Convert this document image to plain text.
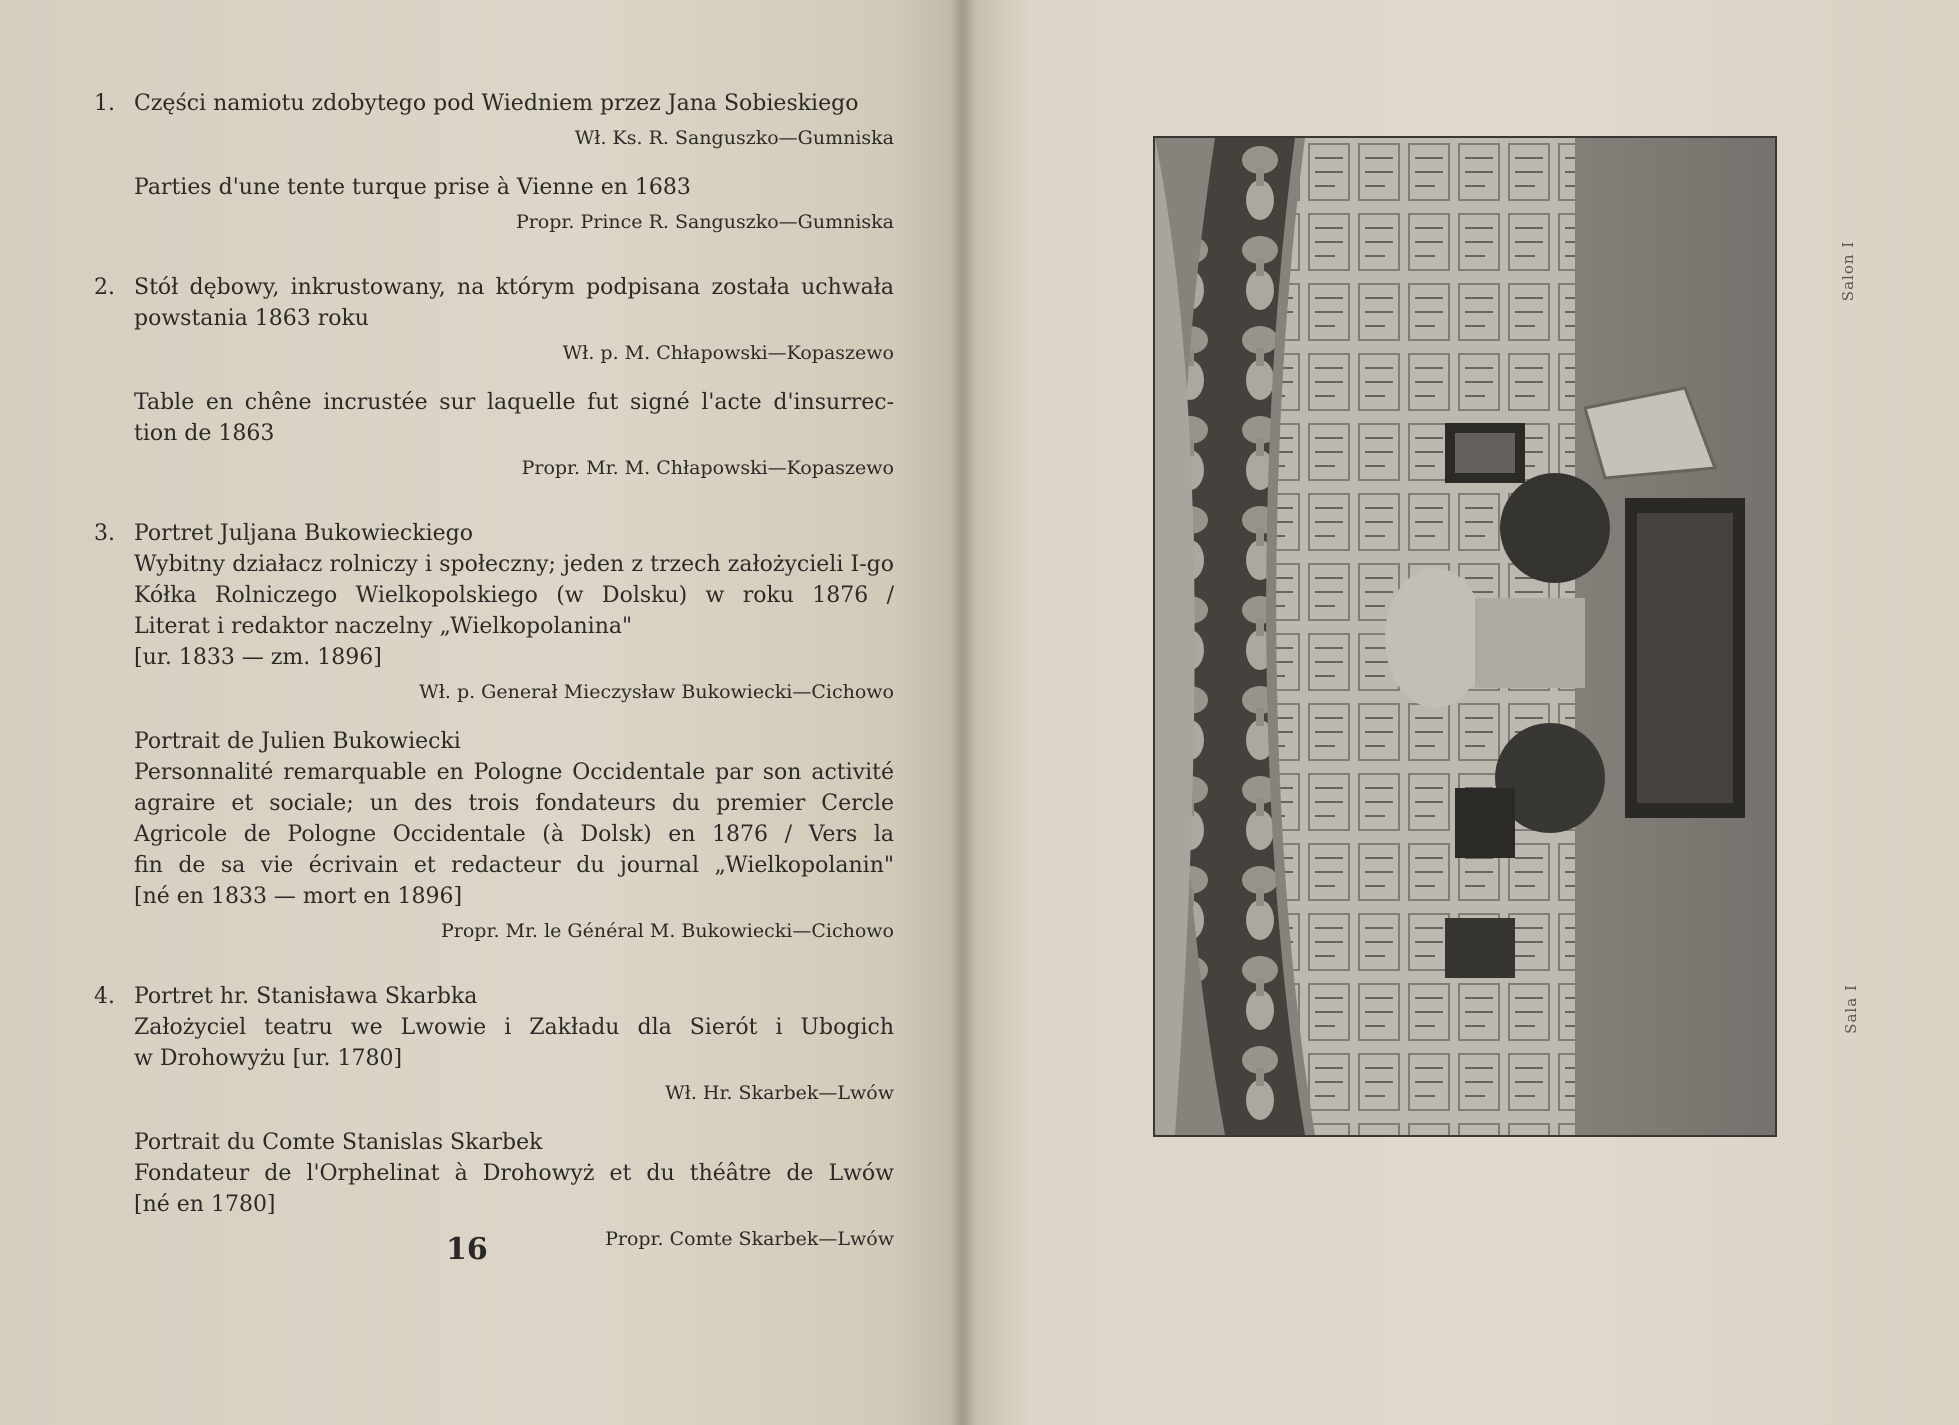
1. Części namiotu zdobytego pod Wiedniem przez Jana Sobieskiego
Wł. Ks. R. Sanguszko—Gumniska
Parties d'une tente turque prise à Vienne en 1683
Propr. Prince R. Sanguszko—Gumniska
2. Stół dębowy, inkrustowany, na którym podpisana została uchwała
powstania 1863 roku
Wł. p. M. Chłapowski—Kopaszewo
Table en chêne incrustée sur laquelle fut signé l'acte d'insurrec-
tion de 1863
Propr. Mr. M. Chłapowski—Kopaszewo
3. Portret Juljana Bukowieckiego
Wybitny działacz rolniczy i społeczny; jeden z trzech założycieli I-go
Kółka Rolniczego Wielkopolskiego (w Dolsku) w roku 1876 /
Literat i redaktor naczelny „Wielkopolanina"
[ur. 1833 — zm. 1896]
Wł. p. Generał Mieczysław Bukowiecki—Cichowo
Portrait de Julien Bukowiecki
Personnalité remarquable en Pologne Occidentale par son activité
agraire et sociale; un des trois fondateurs du premier Cercle
Agricole de Pologne Occidentale (à Dolsk) en 1876 / Vers la
fin de sa vie écrivain et redacteur du journal „Wielkopolanin"
[né en 1833 — mort en 1896]
Propr. Mr. le Général M. Bukowiecki—Cichowo
4. Portret hr. Stanisława Skarbka
Założyciel teatru we Lwowie i Zakładu dla Sierót i Ubogich
w Drohowyżu [ur. 1780]
Wł. Hr. Skarbek—Lwów
Portrait du Comte Stanislas Skarbek
Fondateur de l'Orphelinat à Drohowyż et du théâtre de Lwów
[né en 1780]
Propr. Comte Skarbek—Lwów
16
Salon I
Sala I
